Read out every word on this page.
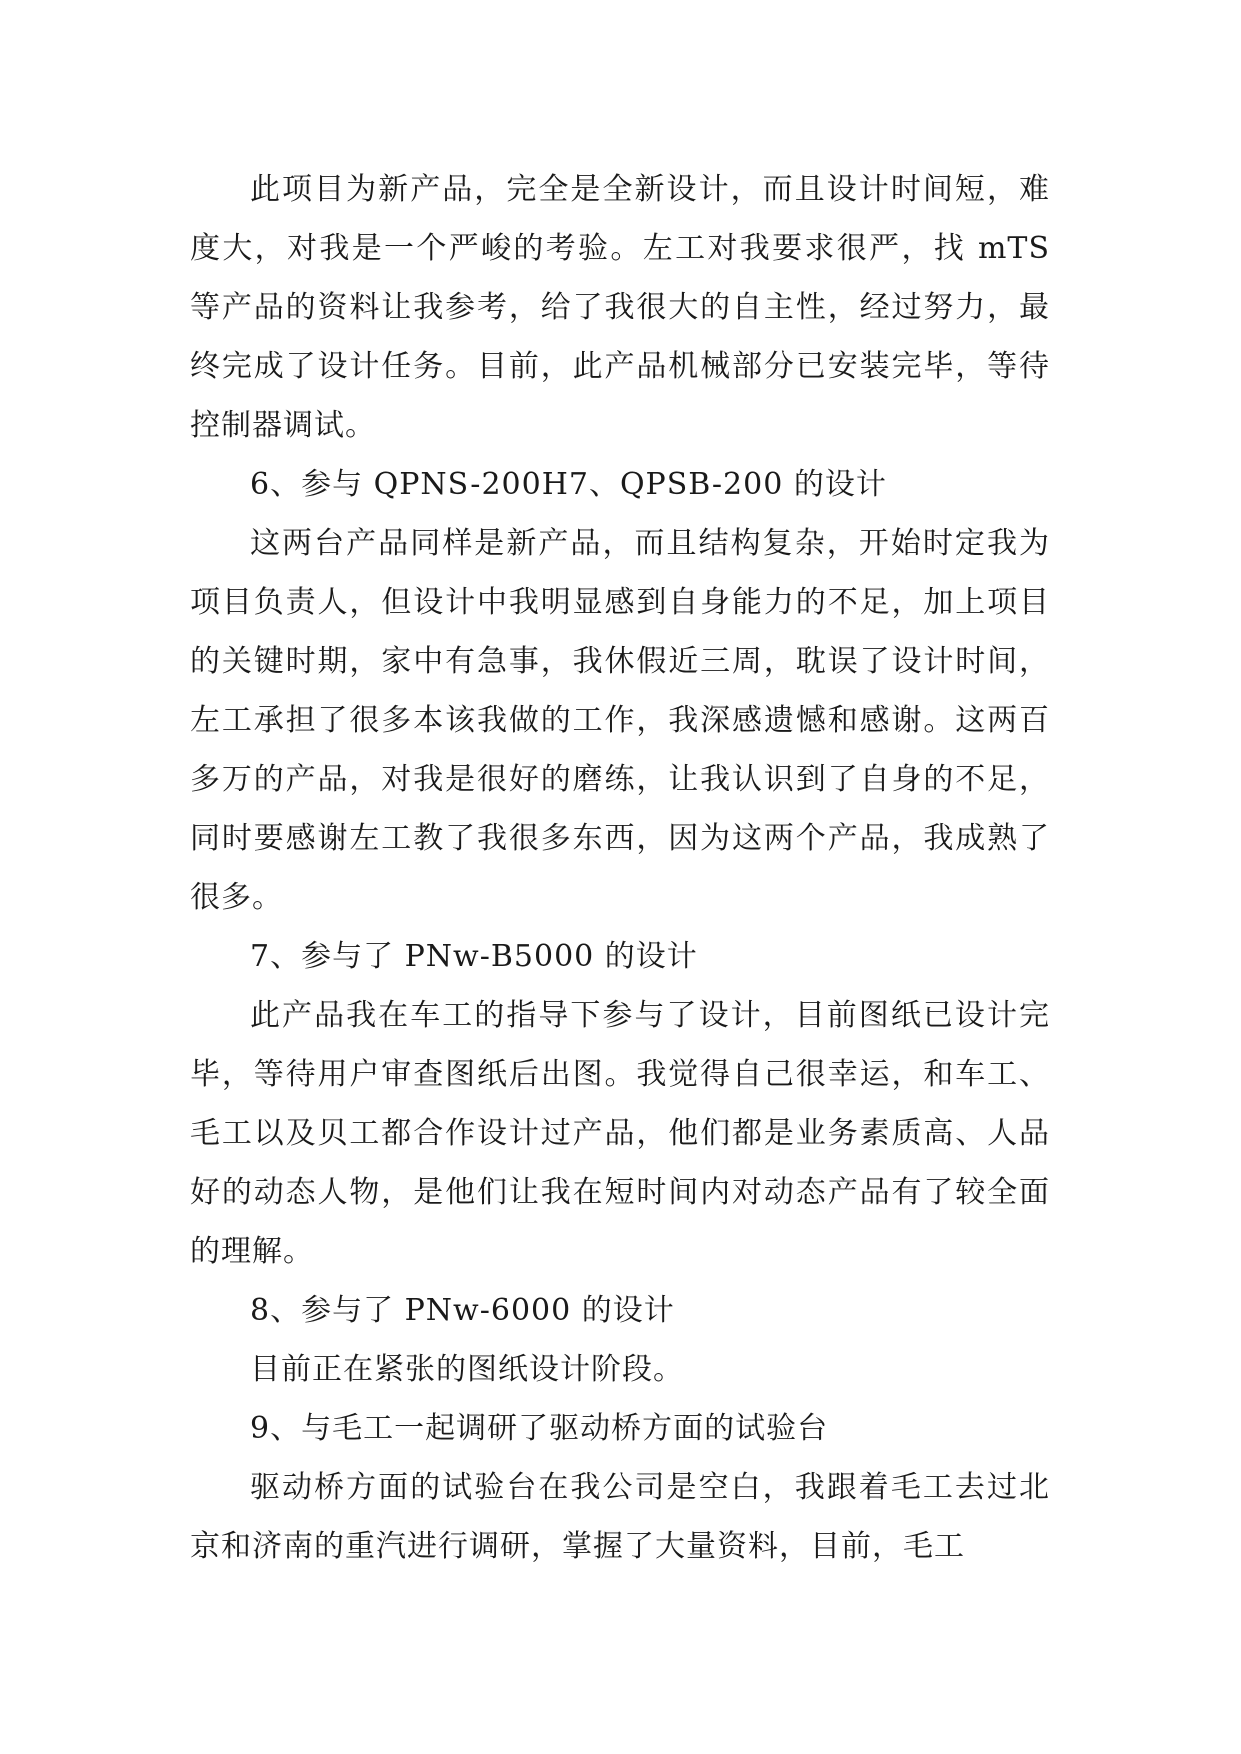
此项目为新产品，完全是全新设计，而且设计时间短，难度大，对我是一个严峻的考验。左工对我要求很严，找 mTS 等产品的资料让我参考，给了我很大的自主性，经过努力，最终完成了设计任务。目前，此产品机械部分已安装完毕，等待控制器调试。

6、参与 QPNS-200H7、QPSB-200 的设计

这两台产品同样是新产品，而且结构复杂，开始时定我为项目负责人，但设计中我明显感到自身能力的不足，加上项目的关键时期，家中有急事，我休假近三周，耽误了设计时间，左工承担了很多本该我做的工作，我深感遗憾和感谢。这两百多万的产品，对我是很好的磨练，让我认识到了自身的不足，同时要感谢左工教了我很多东西，因为这两个产品，我成熟了很多。

7、参与了 PNw-B5000 的设计

此产品我在车工的指导下参与了设计，目前图纸已设计完毕，等待用户审查图纸后出图。我觉得自己很幸运，和车工、毛工以及贝工都合作设计过产品，他们都是业务素质高、人品好的动态人物，是他们让我在短时间内对动态产品有了较全面的理解。

8、参与了 PNw-6000 的设计

目前正在紧张的图纸设计阶段。

9、与毛工一起调研了驱动桥方面的试验台

驱动桥方面的试验台在我公司是空白，我跟着毛工去过北京和济南的重汽进行调研，掌握了大量资料，目前，毛工
